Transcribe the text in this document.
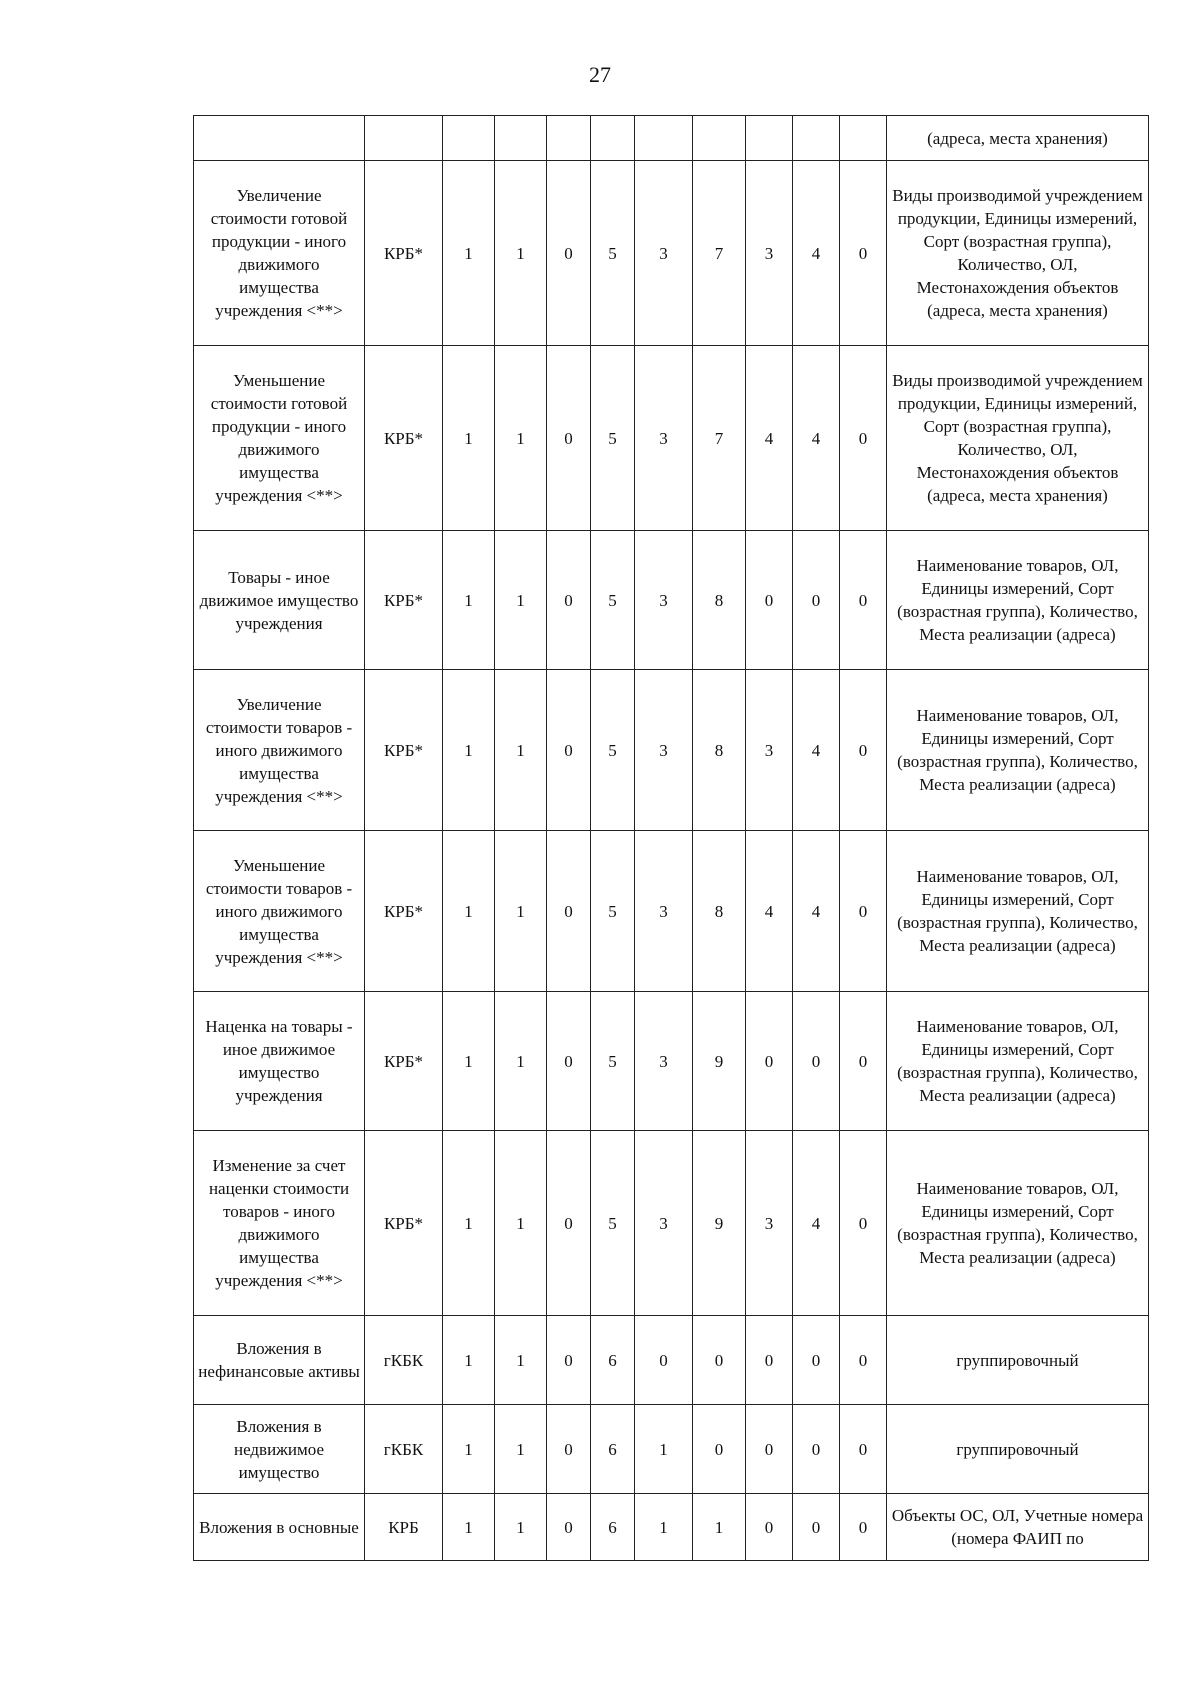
27
											(адреса, места хранения)
Увеличение стоимости готовой продукции - иного движимого имущества учреждения <**>	КРБ*	1	1	0	5	3	7	3	4	0	Виды производимой учреждением продукции, Единицы измерений, Сорт (возрастная группа), Количество, ОЛ, Местонахождения объектов (адреса, места хранения)
Уменьшение стоимости готовой продукции - иного движимого имущества учреждения <**>	КРБ*	1	1	0	5	3	7	4	4	0	Виды производимой учреждением продукции, Единицы измерений, Сорт (возрастная группа), Количество, ОЛ, Местонахождения объектов (адреса, места хранения)
Товары - иное движимое имущество учреждения	КРБ*	1	1	0	5	3	8	0	0	0	Наименование товаров, ОЛ, Единицы измерений, Сорт (возрастная группа), Количество, Места реализации (адреса)
Увеличение стоимости товаров - иного движимого имущества учреждения <**>	КРБ*	1	1	0	5	3	8	3	4	0	Наименование товаров, ОЛ, Единицы измерений, Сорт (возрастная группа), Количество, Места реализации (адреса)
Уменьшение стоимости товаров - иного движимого имущества учреждения <**>	КРБ*	1	1	0	5	3	8	4	4	0	Наименование товаров, ОЛ, Единицы измерений, Сорт (возрастная группа), Количество, Места реализации (адреса)
Наценка на товары - иное движимое имущество учреждения	КРБ*	1	1	0	5	3	9	0	0	0	Наименование товаров, ОЛ, Единицы измерений, Сорт (возрастная группа), Количество, Места реализации (адреса)
Изменение за счет наценки стоимости товаров - иного движимого имущества учреждения <**>	КРБ*	1	1	0	5	3	9	3	4	0	Наименование товаров, ОЛ, Единицы измерений, Сорт (возрастная группа), Количество, Места реализации (адреса)
Вложения в нефинансовые активы	гКБК	1	1	0	6	0	0	0	0	0	группировочный
Вложения в недвижимое имущество	гКБК	1	1	0	6	1	0	0	0	0	группировочный
Вложения в основные	КРБ	1	1	0	6	1	1	0	0	0	Объекты ОС, ОЛ, Учетные номера (номера ФАИП по
